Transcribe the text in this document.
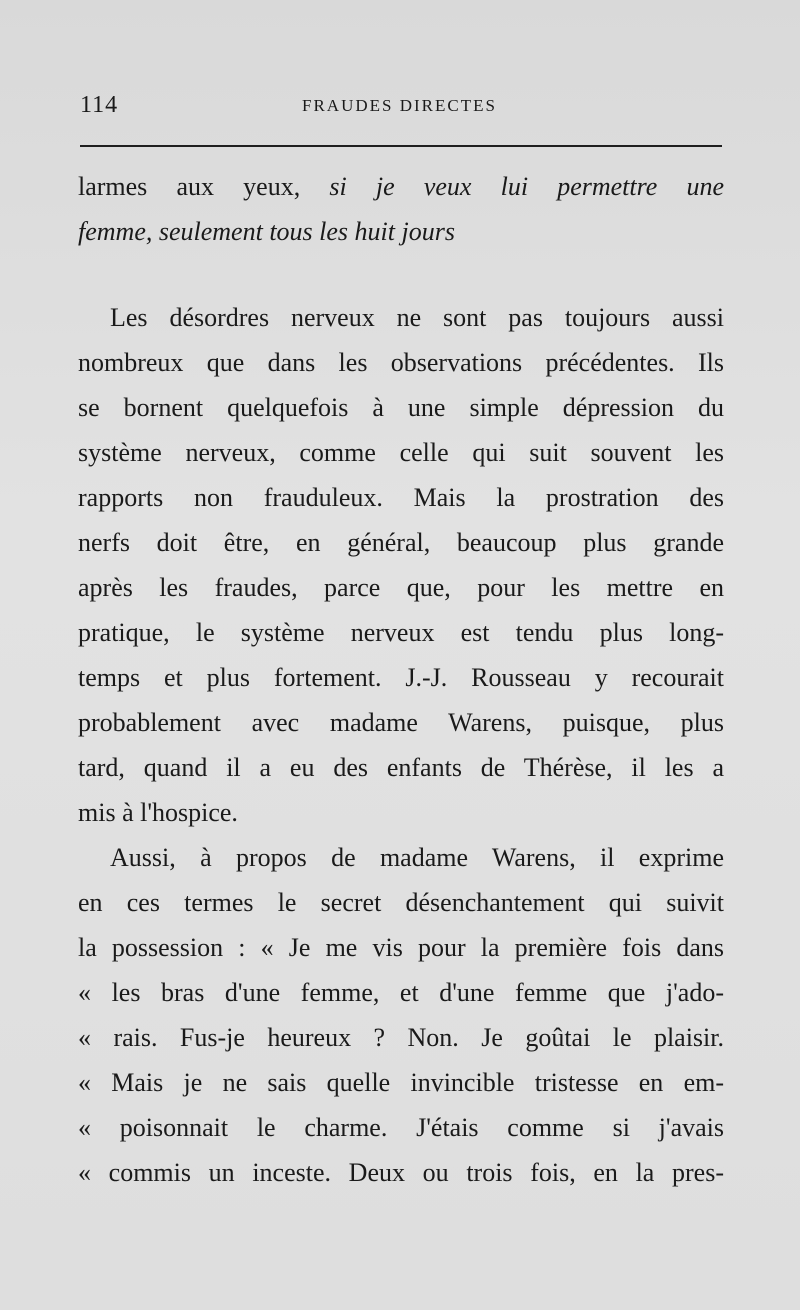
114	FRAUDES DIRECTES

larmes aux yeux, si je veux lui permettre une

femme, seulement tous les huit jours

Les désordres nerveux ne sont pas toujours aussi

nombreux que dans les observations précédentes. Ils

se bornent quelquefois à une simple dépression du

système nerveux, comme celle qui suit souvent les

rapports non frauduleux. Mais la prostration des

nerfs doit être, en général, beaucoup plus grande

après les fraudes, parce que, pour les mettre en

pratique, le système nerveux est tendu plus long-

temps et plus fortement. J.-J. Rousseau y recourait

probablement avec madame Warens, puisque, plus

tard, quand il a eu des enfants de Thérèse, il les a

mis à l'hospice.

Aussi, à propos de madame Warens, il exprime

en ces termes le secret désenchantement qui suivit

la possession : « Je me vis pour la première fois dans

« les bras d'une femme, et d'une femme que j'ado-

« rais. Fus-je heureux ? Non. Je goûtai le plaisir.

« Mais je ne sais quelle invincible tristesse en em-

« poisonnait le charme. J'étais comme si j'avais

« commis un inceste. Deux ou trois fois, en la pres-
